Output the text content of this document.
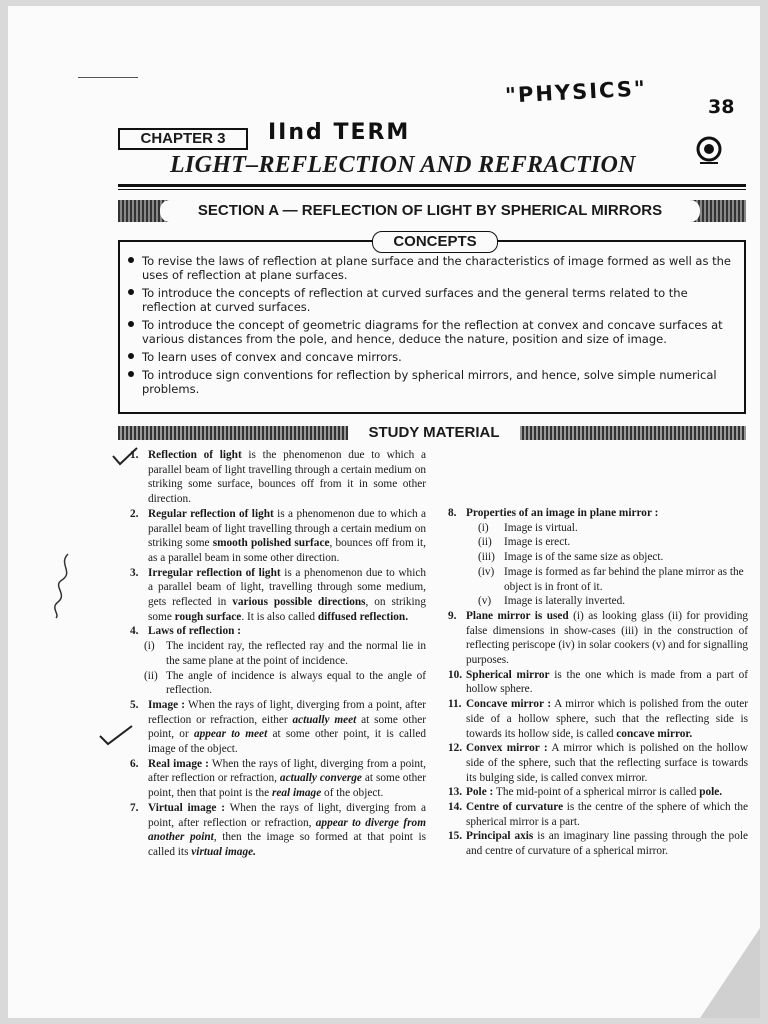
"PHYSICS"	38
IInd TERM
CHAPTER 3
LIGHT–REFLECTION AND REFRACTION
SECTION A — REFLECTION OF LIGHT BY SPHERICAL MIRRORS
CONCEPTS
To revise the laws of reflection at plane surface and the characteristics of image formed as well as the uses of reflection at plane surfaces.
To introduce the concepts of reflection at curved surfaces and the general terms related to the reflection at curved surfaces.
To introduce the concept of geometric diagrams for the reflection at convex and concave surfaces at various distances from the pole, and hence, deduce the nature, position and size of image.
To learn uses of convex and concave mirrors.
To introduce sign conventions for reflection by spherical mirrors, and hence, solve simple numerical problems.
STUDY MATERIAL
1. Reflection of light is the phenomenon due to which a parallel beam of light travelling through a certain medium on striking some surface, bounces off from it in some other direction.
2. Regular reflection of light is a phenomenon due to which a parallel beam of light travelling through a certain medium on striking some smooth polished surface, bounces off from it, as a parallel beam in some other direction.
3. Irregular reflection of light is a phenomenon due to which a parallel beam of light, travelling through some medium, gets reflected in various possible directions, on striking some rough surface. It is also called diffused reflection.
4. Laws of reflection :
(i) The incident ray, the reflected ray and the normal lie in the same plane at the point of incidence.
(ii) The angle of incidence is always equal to the angle of reflection.
5. Image : When the rays of light, diverging from a point, after reflection or refraction, either actually meet at some other point, or appear to meet at some other point, it is called image of the object.
6. Real image : When the rays of light, diverging from a point, after reflection or refraction, actually converge at some other point, then that point is the real image of the object.
7. Virtual image : When the rays of light, diverging from a point, after reflection or refraction, appear to diverge from another point, then the image so formed at that point is called its virtual image.
8. Properties of an image in plane mirror :
(i) Image is virtual.
(ii) Image is erect.
(iii) Image is of the same size as object.
(iv) Image is formed as far behind the plane mirror as the object is in front of it.
(v) Image is laterally inverted.
9. Plane mirror is used (i) as looking glass (ii) for providing false dimensions in show-cases (iii) in the construction of reflecting periscope (iv) in solar cookers (v) and for signalling purposes.
10. Spherical mirror is the one which is made from a part of hollow sphere.
11. Concave mirror : A mirror which is polished from the outer side of a hollow sphere, such that the reflecting side is towards its hollow side, is called concave mirror.
12. Convex mirror : A mirror which is polished on the hollow side of the sphere, such that the reflecting surface is towards its bulging side, is called convex mirror.
13. Pole : The mid-point of a spherical mirror is called pole.
14. Centre of curvature is the centre of the sphere of which the spherical mirror is a part.
15. Principal axis is an imaginary line passing through the pole and centre of curvature of a spherical mirror.
